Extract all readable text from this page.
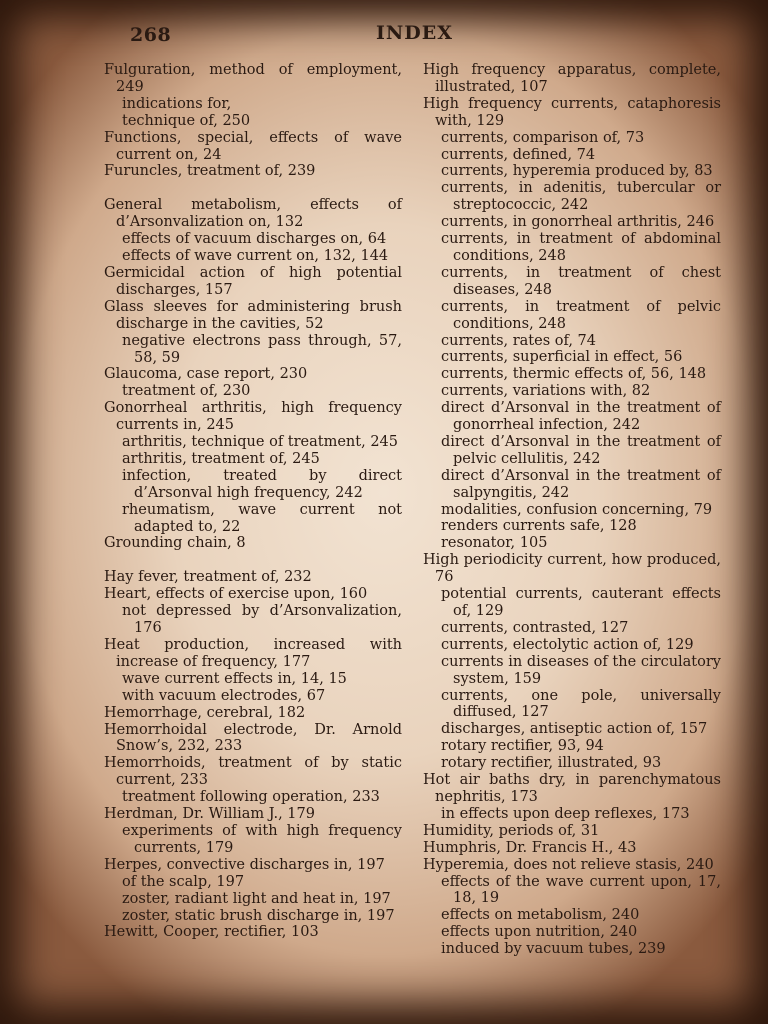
268	INDEX
Fulguration, method of employment, 249
indications for,
technique of, 250
Functions, special, effects of wave current on, 24
Furuncles, treatment of, 239
General metabolism, effects of d’Arsonvalization on, 132
effects of vacuum discharges on, 64
effects of wave current on, 132, 144
Germicidal action of high potential discharges, 157
Glass sleeves for administering brush discharge in the cavities, 52
negative electrons pass through, 57, 58, 59
Glaucoma, case report, 230
treatment of, 230
Gonorrheal arthritis, high frequency currents in, 245
arthritis, technique of treatment, 245
arthritis, treatment of, 245
infection, treated by direct d’Arsonval high frequency, 242
rheumatism, wave current not adapted to, 22
Grounding chain, 8
Hay fever, treatment of, 232
Heart, effects of exercise upon, 160
not depressed by d’Arsonvalization, 176
Heat production, increased with increase of frequency, 177
wave current effects in, 14, 15
with vacuum electrodes, 67
Hemorrhage, cerebral, 182
Hemorrhoidal electrode, Dr. Arnold Snow’s, 232, 233
Hemorrhoids, treatment of by static current, 233
treatment following operation, 233
Herdman, Dr. William J., 179
experiments of with high frequency currents, 179
Herpes, convective discharges in, 197
of the scalp, 197
zoster, radiant light and heat in, 197
zoster, static brush discharge in, 197
Hewitt, Cooper, rectifier, 103
High frequency apparatus, complete, illustrated, 107
High frequency currents, cataphoresis with, 129
currents, comparison of, 73
currents, defined, 74
currents, hyperemia produced by, 83
currents, in adenitis, tubercular or streptococcic, 242
currents, in gonorrheal arthritis, 246
currents, in treatment of abdominal conditions, 248
currents, in treatment of chest diseases, 248
currents, in treatment of pelvic conditions, 248
currents, rates of, 74
currents, superficial in effect, 56
currents, thermic effects of, 56, 148
currents, variations with, 82
direct d’Arsonval in the treatment of gonorrheal infection, 242
direct d’Arsonval in the treatment of pelvic cellulitis, 242
direct d’Arsonval in the treatment of salpyngitis, 242
modalities, confusion concerning, 79
renders currents safe, 128
resonator, 105
High periodicity current, how produced, 76
potential currents, cauterant effects of, 129
currents, contrasted, 127
currents, electolytic action of, 129
currents in diseases of the circulatory system, 159
currents, one pole, universally diffused, 127
discharges, antiseptic action of, 157
rotary rectifier, 93, 94
rotary rectifier, illustrated, 93
Hot air baths dry, in parenchymatous nephritis, 173
in effects upon deep reflexes, 173
Humidity, periods of, 31
Humphris, Dr. Francis H., 43
Hyperemia, does not relieve stasis, 240
effects of the wave current upon, 17, 18, 19
effects on metabolism, 240
effects upon nutrition, 240
induced by vacuum tubes, 239
